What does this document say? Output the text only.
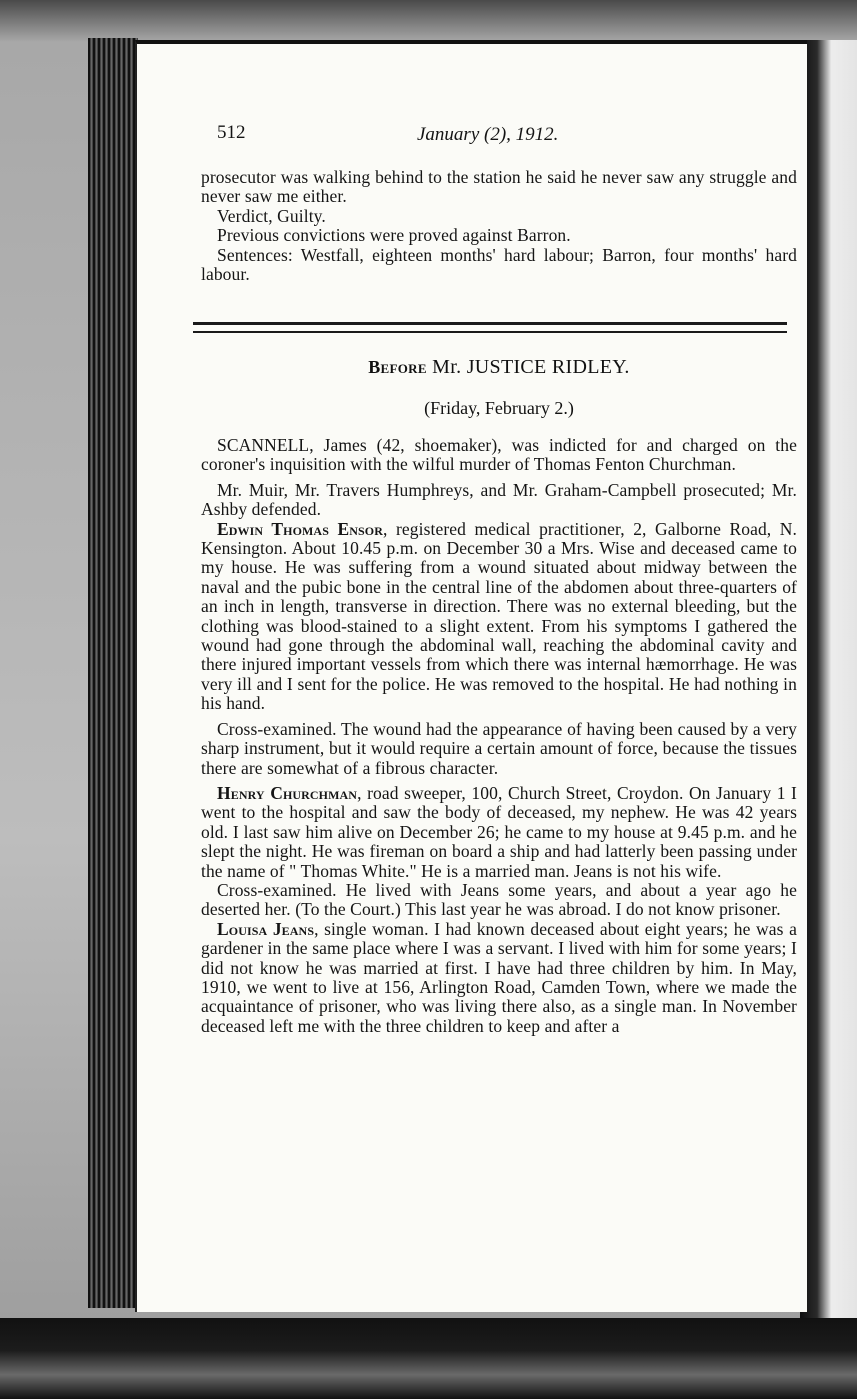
512	January (2), 1912.

prosecutor was walking behind to the station he said he never saw any struggle and never saw me either.

Verdict, Guilty.

Previous convictions were proved against Barron.

Sentences: Westfall, eighteen months' hard labour; Barron, four months' hard labour.

Before Mr. JUSTICE RIDLEY.
(Friday, February 2.)

SCANNELL, James (42, shoemaker), was indicted for and charged on the coroner's inquisition with the wilful murder of Thomas Fenton Churchman.

Mr. Muir, Mr. Travers Humphreys, and Mr. Graham-Campbell prosecuted; Mr. Ashby defended.

Edwin Thomas Ensor, registered medical practitioner, 2, Galborne Road, N. Kensington. About 10.45 p.m. on December 30 a Mrs. Wise and deceased came to my house. He was suffering from a wound situated about midway between the naval and the pubic bone in the central line of the abdomen about three-quarters of an inch in length, transverse in direction. There was no external bleeding, but the clothing was blood-stained to a slight extent. From his symptoms I gathered the wound had gone through the abdominal wall, reaching the abdominal cavity and there injured important vessels from which there was internal hæmorrhage. He was very ill and I sent for the police. He was removed to the hospital. He had nothing in his hand.

Cross-examined. The wound had the appearance of having been caused by a very sharp instrument, but it would require a certain amount of force, because the tissues there are somewhat of a fibrous character.

Henry Churchman, road sweeper, 100, Church Street, Croydon. On January 1 I went to the hospital and saw the body of deceased, my nephew. He was 42 years old. I last saw him alive on December 26; he came to my house at 9.45 p.m. and he slept the night. He was fireman on board a ship and had latterly been passing under the name of " Thomas White." He is a married man. Jeans is not his wife.

Cross-examined. He lived with Jeans some years, and about a year ago he deserted her. (To the Court.) This last year he was abroad. I do not know prisoner.

Louisa Jeans, single woman. I had known deceased about eight years; he was a gardener in the same place where I was a servant. I lived with him for some years; I did not know he was married at first. I have had three children by him. In May, 1910, we went to live at 156, Arlington Road, Camden Town, where we made the acquaintance of prisoner, who was living there also, as a single man. In November deceased left me with the three children to keep and after a
